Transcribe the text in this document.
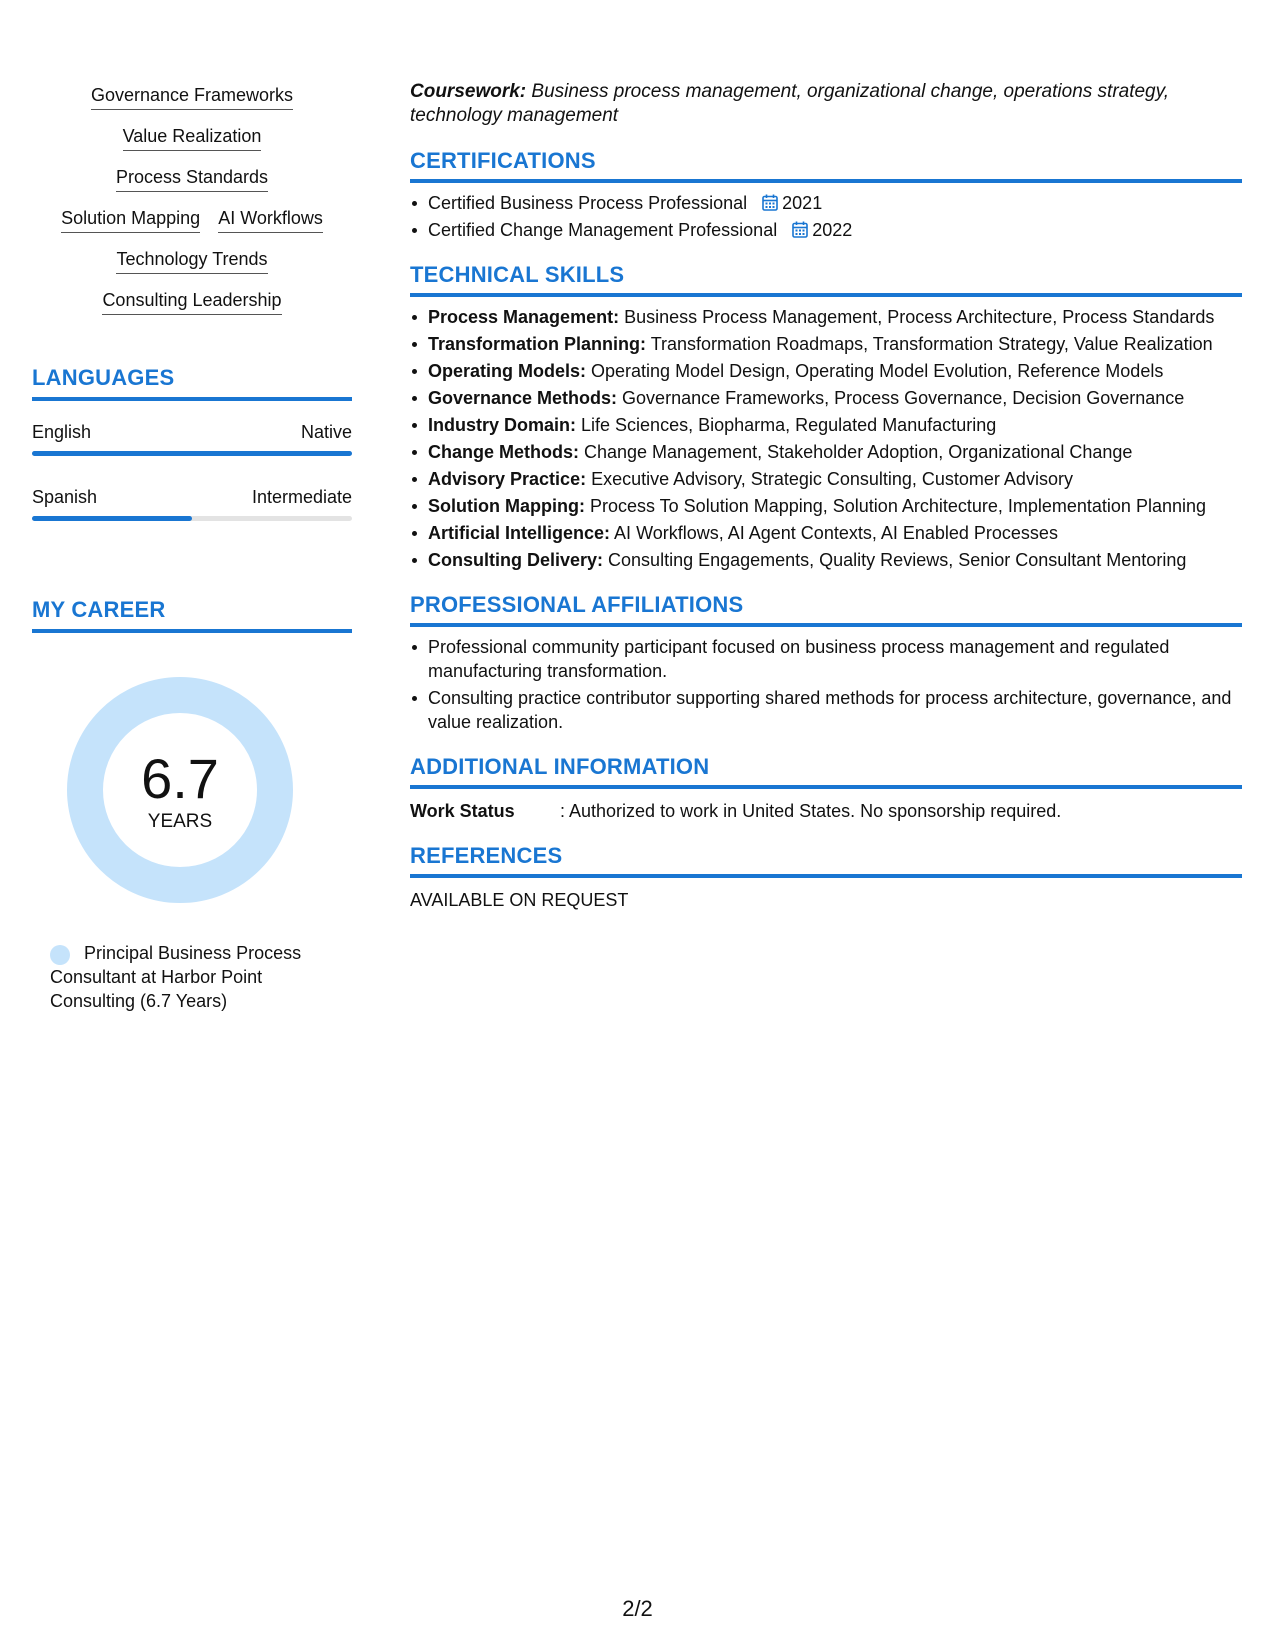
Governance Frameworks
Value Realization
Process Standards
Solution Mapping AI Workflows
Technology Trends
Consulting Leadership
LANGUAGES
English	Native
Spanish	Intermediate
MY CAREER
6.7
YEARS
Principal Business Process Consultant at Harbor Point Consulting (6.7 Years)
Coursework: Business process management, organizational change, operations strategy, technology management
CERTIFICATIONS
Certified Business Process Professional 2021
Certified Change Management Professional 2022
TECHNICAL SKILLS
Process Management: Business Process Management, Process Architecture, Process Standards
Transformation Planning: Transformation Roadmaps, Transformation Strategy, Value Realization
Operating Models: Operating Model Design, Operating Model Evolution, Reference Models
Governance Methods: Governance Frameworks, Process Governance, Decision Governance
Industry Domain: Life Sciences, Biopharma, Regulated Manufacturing
Change Methods: Change Management, Stakeholder Adoption, Organizational Change
Advisory Practice: Executive Advisory, Strategic Consulting, Customer Advisory
Solution Mapping: Process To Solution Mapping, Solution Architecture, Implementation Planning
Artificial Intelligence: AI Workflows, AI Agent Contexts, AI Enabled Processes
Consulting Delivery: Consulting Engagements, Quality Reviews, Senior Consultant Mentoring
PROFESSIONAL AFFILIATIONS
Professional community participant focused on business process management and regulated manufacturing transformation.
Consulting practice contributor supporting shared methods for process architecture, governance, and value realization.
ADDITIONAL INFORMATION
Work Status	: Authorized to work in United States. No sponsorship required.
REFERENCES
AVAILABLE ON REQUEST
2/2
